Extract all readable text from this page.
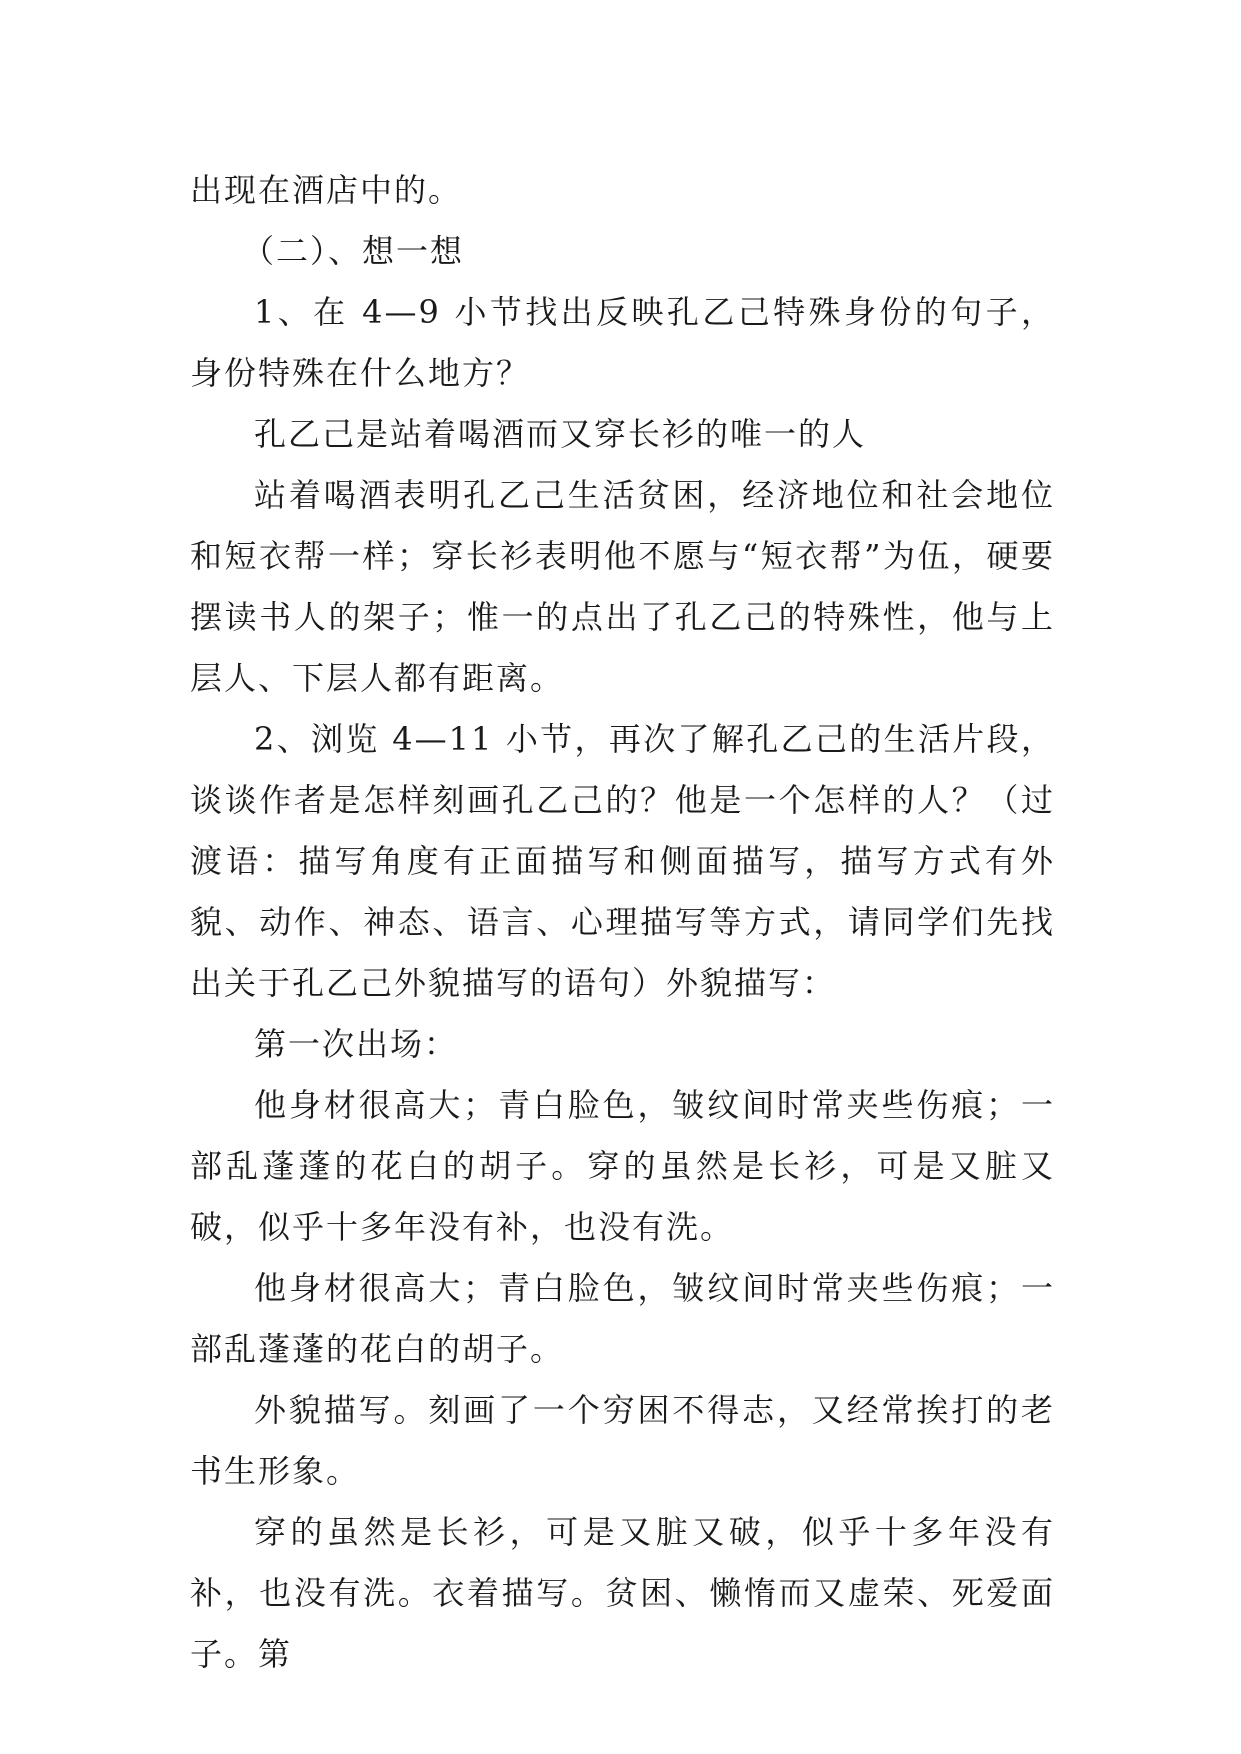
出现在酒店中的。

（二）、想一想

1、在 4—9 小节找出反映孔乙己特殊身份的句子，身份特殊在什么地方？

孔乙己是站着喝酒而又穿长衫的唯一的人

站着喝酒表明孔乙己生活贫困，经济地位和社会地位和短衣帮一样；穿长衫表明他不愿与“短衣帮”为伍，硬要摆读书人的架子；惟一的点出了孔乙己的特殊性，他与上层人、下层人都有距离。

2、浏览 4—11 小节，再次了解孔乙己的生活片段，谈谈作者是怎样刻画孔乙己的？他是一个怎样的人？（过渡语：描写角度有正面描写和侧面描写，描写方式有外貌、动作、神态、语言、心理描写等方式，请同学们先找出关于孔乙己外貌描写的语句）外貌描写：

第一次出场：

他身材很高大；青白脸色，皱纹间时常夹些伤痕；一部乱蓬蓬的花白的胡子。穿的虽然是长衫，可是又脏又破，似乎十多年没有补，也没有洗。

他身材很高大；青白脸色，皱纹间时常夹些伤痕；一部乱蓬蓬的花白的胡子。

外貌描写。刻画了一个穷困不得志，又经常挨打的老书生形象。

穿的虽然是长衫，可是又脏又破，似乎十多年没有补，也没有洗。衣着描写。贫困、懒惰而又虚荣、死爱面子。第
